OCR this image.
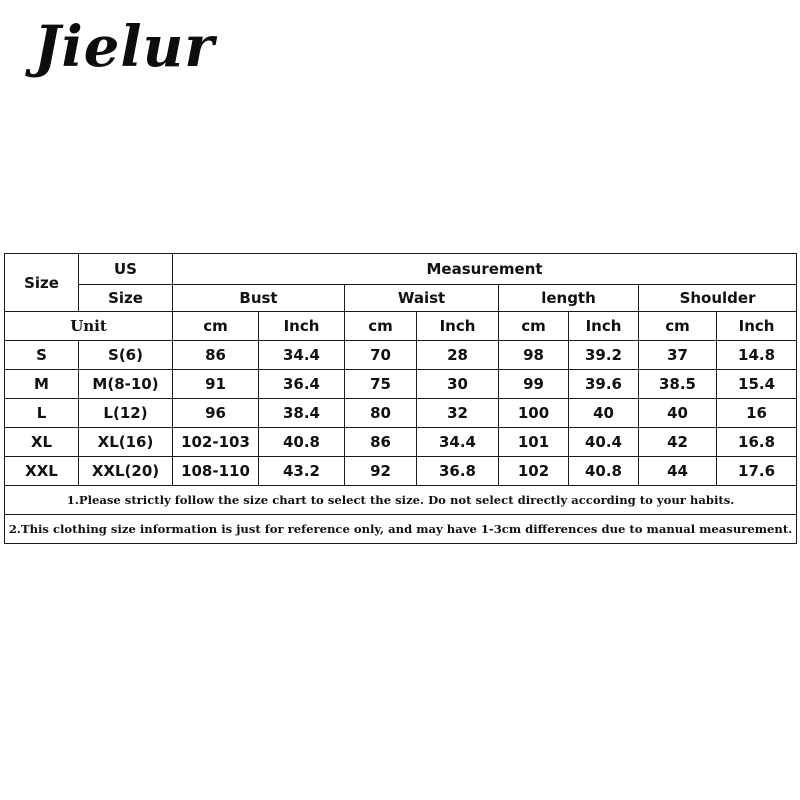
Jielur
Size	US	Measurement							
	Size	Bust		Waist		length		Shoulder	
Unit		cm	Inch	cm	Inch	cm	Inch	cm	Inch
S	S(6)	86	34.4	70	28	98	39.2	37	14.8
M	M(8-10)	91	36.4	75	30	99	39.6	38.5	15.4
L	L(12)	96	38.4	80	32	100	40	40	16
XL	XL(16)	102-103	40.8	86	34.4	101	40.4	42	16.8
XXL	XXL(20)	108-110	43.2	92	36.8	102	40.8	44	17.6
1.Please strictly follow the size chart to select the size. Do not select directly according to your habits.									
2.This clothing size information is just for reference only, and may have 1-3cm differences due to manual measurement.									
